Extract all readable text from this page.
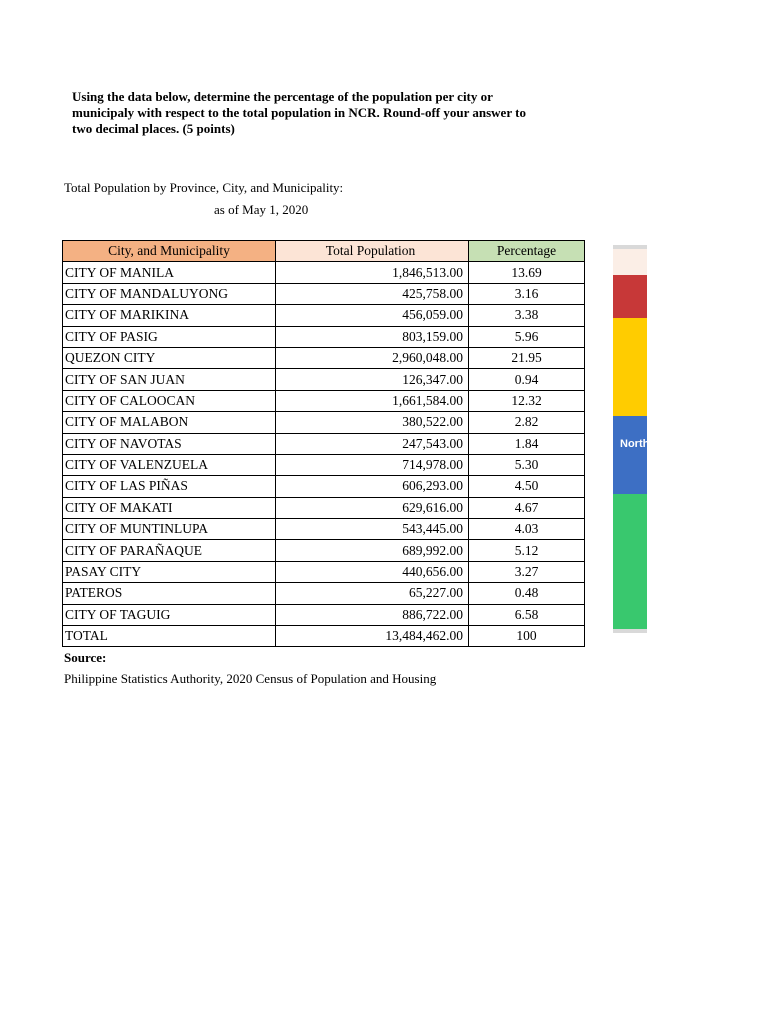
Using the data below, determine the percentage of the population per city or municipaly with respect to the total population in NCR. Round-off your answer to two decimal places. (5 points)
Total Population by Province, City, and Municipality:
as of May 1, 2020
City, and Municipality	Total Population	Percentage
CITY OF MANILA	1,846,513.00	13.69
CITY OF MANDALUYONG	425,758.00	3.16
CITY OF MARIKINA	456,059.00	3.38
CITY OF PASIG	803,159.00	5.96
QUEZON CITY	2,960,048.00	21.95
CITY OF SAN JUAN	126,347.00	0.94
CITY OF CALOOCAN	1,661,584.00	12.32
CITY OF MALABON	380,522.00	2.82
CITY OF NAVOTAS	247,543.00	1.84
CITY OF VALENZUELA	714,978.00	5.30
CITY OF LAS PIÑAS	606,293.00	4.50
CITY OF MAKATI	629,616.00	4.67
CITY OF MUNTINLUPA	543,445.00	4.03
CITY OF PARAÑAQUE	689,992.00	5.12
PASAY CITY	440,656.00	3.27
PATEROS	65,227.00	0.48
CITY OF TAGUIG	886,722.00	6.58
TOTAL	13,484,462.00	100
Source:
Philippine Statistics Authority, 2020 Census of Population and Housing
North
